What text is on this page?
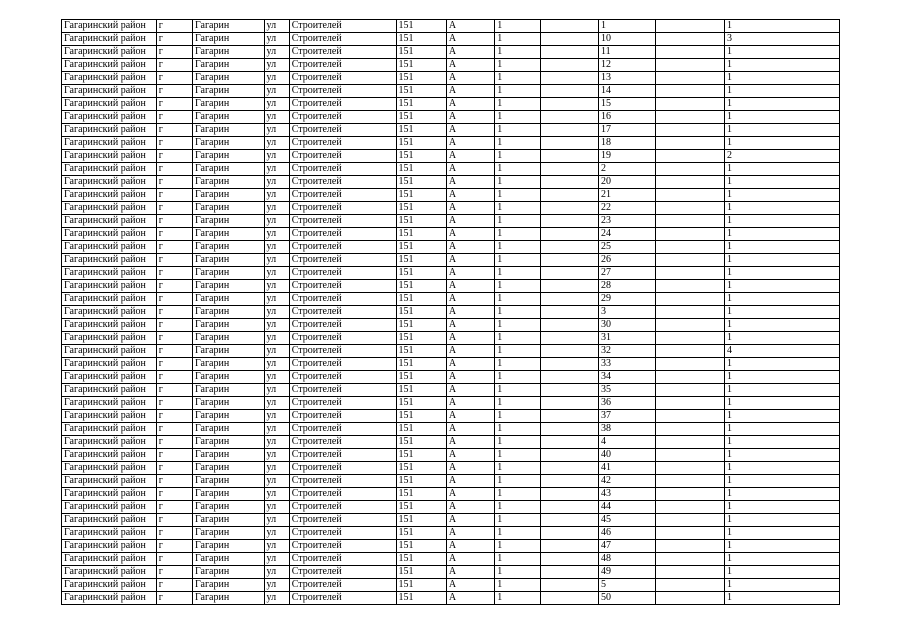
Гагаринский район	г	Гагарин	ул	Строителей	151	А	1		1		1
Гагаринский район	г	Гагарин	ул	Строителей	151	А	1		10		3
Гагаринский район	г	Гагарин	ул	Строителей	151	А	1		11		1
Гагаринский район	г	Гагарин	ул	Строителей	151	А	1		12		1
Гагаринский район	г	Гагарин	ул	Строителей	151	А	1		13		1
Гагаринский район	г	Гагарин	ул	Строителей	151	А	1		14		1
Гагаринский район	г	Гагарин	ул	Строителей	151	А	1		15		1
Гагаринский район	г	Гагарин	ул	Строителей	151	А	1		16		1
Гагаринский район	г	Гагарин	ул	Строителей	151	А	1		17		1
Гагаринский район	г	Гагарин	ул	Строителей	151	А	1		18		1
Гагаринский район	г	Гагарин	ул	Строителей	151	А	1		19		2
Гагаринский район	г	Гагарин	ул	Строителей	151	А	1		2		1
Гагаринский район	г	Гагарин	ул	Строителей	151	А	1		20		1
Гагаринский район	г	Гагарин	ул	Строителей	151	А	1		21		1
Гагаринский район	г	Гагарин	ул	Строителей	151	А	1		22		1
Гагаринский район	г	Гагарин	ул	Строителей	151	А	1		23		1
Гагаринский район	г	Гагарин	ул	Строителей	151	А	1		24		1
Гагаринский район	г	Гагарин	ул	Строителей	151	А	1		25		1
Гагаринский район	г	Гагарин	ул	Строителей	151	А	1		26		1
Гагаринский район	г	Гагарин	ул	Строителей	151	А	1		27		1
Гагаринский район	г	Гагарин	ул	Строителей	151	А	1		28		1
Гагаринский район	г	Гагарин	ул	Строителей	151	А	1		29		1
Гагаринский район	г	Гагарин	ул	Строителей	151	А	1		3		1
Гагаринский район	г	Гагарин	ул	Строителей	151	А	1		30		1
Гагаринский район	г	Гагарин	ул	Строителей	151	А	1		31		1
Гагаринский район	г	Гагарин	ул	Строителей	151	А	1		32		4
Гагаринский район	г	Гагарин	ул	Строителей	151	А	1		33		1
Гагаринский район	г	Гагарин	ул	Строителей	151	А	1		34		1
Гагаринский район	г	Гагарин	ул	Строителей	151	А	1		35		1
Гагаринский район	г	Гагарин	ул	Строителей	151	А	1		36		1
Гагаринский район	г	Гагарин	ул	Строителей	151	А	1		37		1
Гагаринский район	г	Гагарин	ул	Строителей	151	А	1		38		1
Гагаринский район	г	Гагарин	ул	Строителей	151	А	1		4		1
Гагаринский район	г	Гагарин	ул	Строителей	151	А	1		40		1
Гагаринский район	г	Гагарин	ул	Строителей	151	А	1		41		1
Гагаринский район	г	Гагарин	ул	Строителей	151	А	1		42		1
Гагаринский район	г	Гагарин	ул	Строителей	151	А	1		43		1
Гагаринский район	г	Гагарин	ул	Строителей	151	А	1		44		1
Гагаринский район	г	Гагарин	ул	Строителей	151	А	1		45		1
Гагаринский район	г	Гагарин	ул	Строителей	151	А	1		46		1
Гагаринский район	г	Гагарин	ул	Строителей	151	А	1		47		1
Гагаринский район	г	Гагарин	ул	Строителей	151	А	1		48		1
Гагаринский район	г	Гагарин	ул	Строителей	151	А	1		49		1
Гагаринский район	г	Гагарин	ул	Строителей	151	А	1		5		1
Гагаринский район	г	Гагарин	ул	Строителей	151	А	1		50		1
